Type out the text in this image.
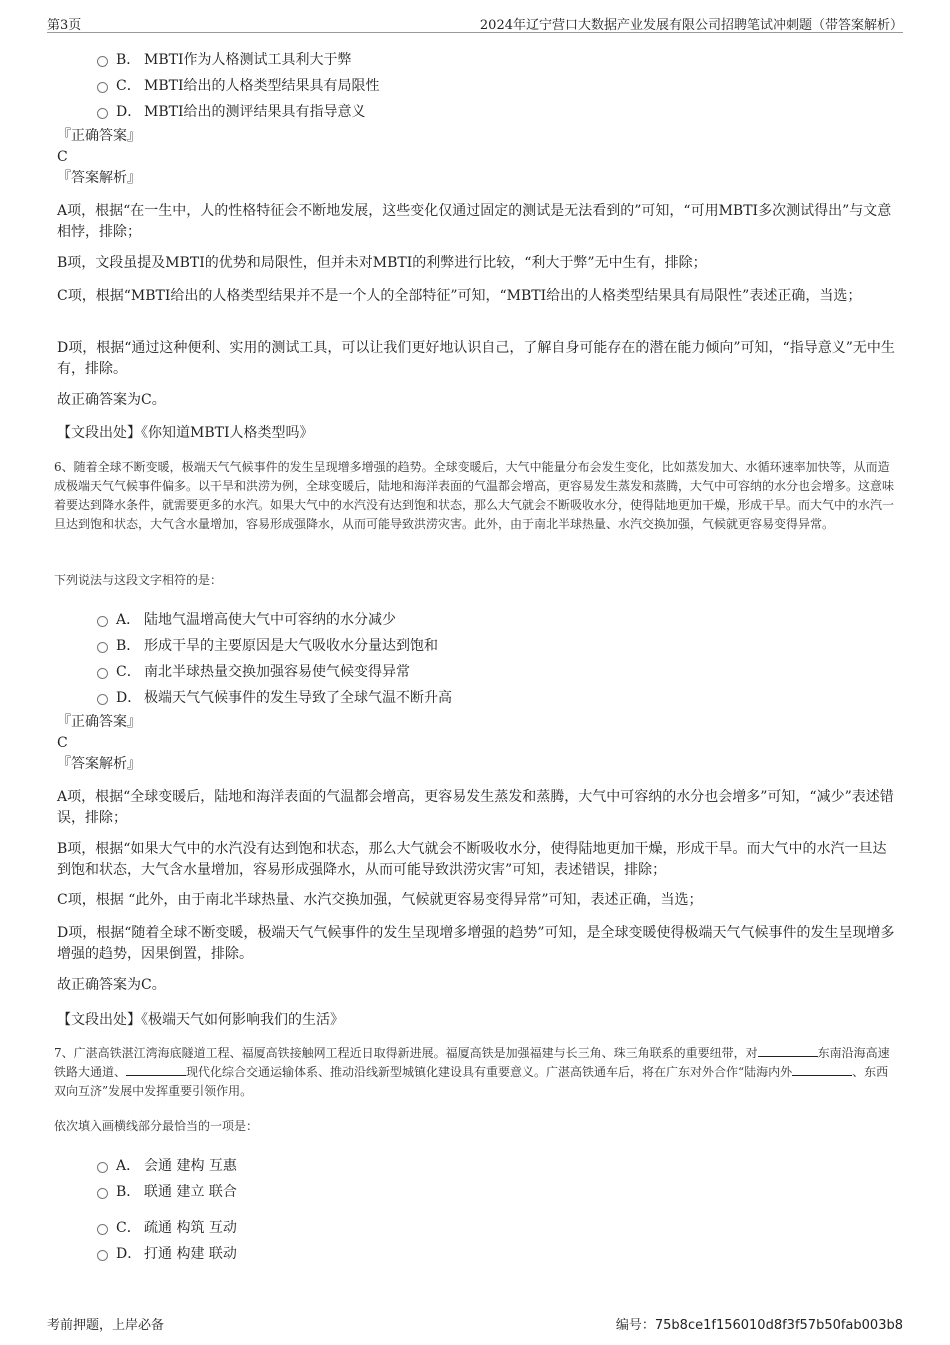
第3页	2024年辽宁营口大数据产业发展有限公司招聘笔试冲刺题（带答案解析）
B． MBTI作为人格测试工具利大于弊
C． MBTI给出的人格类型结果具有局限性
D． MBTI给出的测评结果具有指导意义
『正确答案』
C
『答案解析』
A项，根据“在一生中，人的性格特征会不断地发展，这些变化仅通过固定的测试是无法看到的”可知，“可用MBTI多次测试得出”与文意相悖，排除；
B项，文段虽提及MBTI的优势和局限性，但并未对MBTI的利弊进行比较，“利大于弊”无中生有，排除；
C项，根据“MBTI给出的人格类型结果并不是一个人的全部特征”可知，“MBTI给出的人格类型结果具有局限性”表述正确，当选；
D项，根据“通过这种便利、实用的测试工具，可以让我们更好地认识自己，了解自身可能存在的潜在能力倾向”可知，“指导意义”无中生有，排除。
故正确答案为C。
【文段出处】《你知道MBTI人格类型吗》
6、随着全球不断变暖，极端天气气候事件的发生呈现增多增强的趋势。全球变暖后，大气中能量分布会发生变化，比如蒸发加大、水循环速率加快等，从而造成极端天气气候事件偏多。以干旱和洪涝为例，全球变暖后，陆地和海洋表面的气温都会增高，更容易发生蒸发和蒸腾，大气中可容纳的水分也会增多。这意味着要达到降水条件，就需要更多的水汽。如果大气中的水汽没有达到饱和状态，那么大气就会不断吸收水分，使得陆地更加干燥，形成干旱。而大气中的水汽一旦达到饱和状态，大气含水量增加，容易形成强降水，从而可能导致洪涝灾害。此外，由于南北半球热量、水汽交换加强，气候就更容易变得异常。
下列说法与这段文字相符的是：
A． 陆地气温增高使大气中可容纳的水分减少
B． 形成干旱的主要原因是大气吸收水分量达到饱和
C． 南北半球热量交换加强容易使气候变得异常
D． 极端天气气候事件的发生导致了全球气温不断升高
『正确答案』
C
『答案解析』
A项，根据“全球变暖后，陆地和海洋表面的气温都会增高，更容易发生蒸发和蒸腾，大气中可容纳的水分也会增多”可知，“减少”表述错误，排除；
B项，根据“如果大气中的水汽没有达到饱和状态，那么大气就会不断吸收水分，使得陆地更加干燥，形成干旱。而大气中的水汽一旦达到饱和状态，大气含水量增加，容易形成强降水，从而可能导致洪涝灾害”可知，表述错误，排除；
C项，根据 “此外，由于南北半球热量、水汽交换加强，气候就更容易变得异常”可知，表述正确，当选；
D项，根据“随着全球不断变暖，极端天气气候事件的发生呈现增多增强的趋势”可知，是全球变暖使得极端天气气候事件的发生呈现增多增强的趋势，因果倒置，排除。
故正确答案为C。
【文段出处】《极端天气如何影响我们的生活》
7、广湛高铁湛江湾海底隧道工程、福厦高铁接触网工程近日取得新进展。福厦高铁是加强福建与长三角、珠三角联系的重要纽带，对	东南沿海高速铁路大通道、	现代化综合交通运输体系、推动沿线新型城镇化建设具有重要意义。广湛高铁通车后，将在广东对外合作“陆海内外	、东西双向互济”发展中发挥重要引领作用。
依次填入画横线部分最恰当的一项是：
A． 会通 建构 互惠
B． 联通 建立 联合
C． 疏通 构筑 互动
D． 打通 构建 联动
考前押题，上岸必备	编号：75b8ce1f156010d8f3f57b50fab003b8
